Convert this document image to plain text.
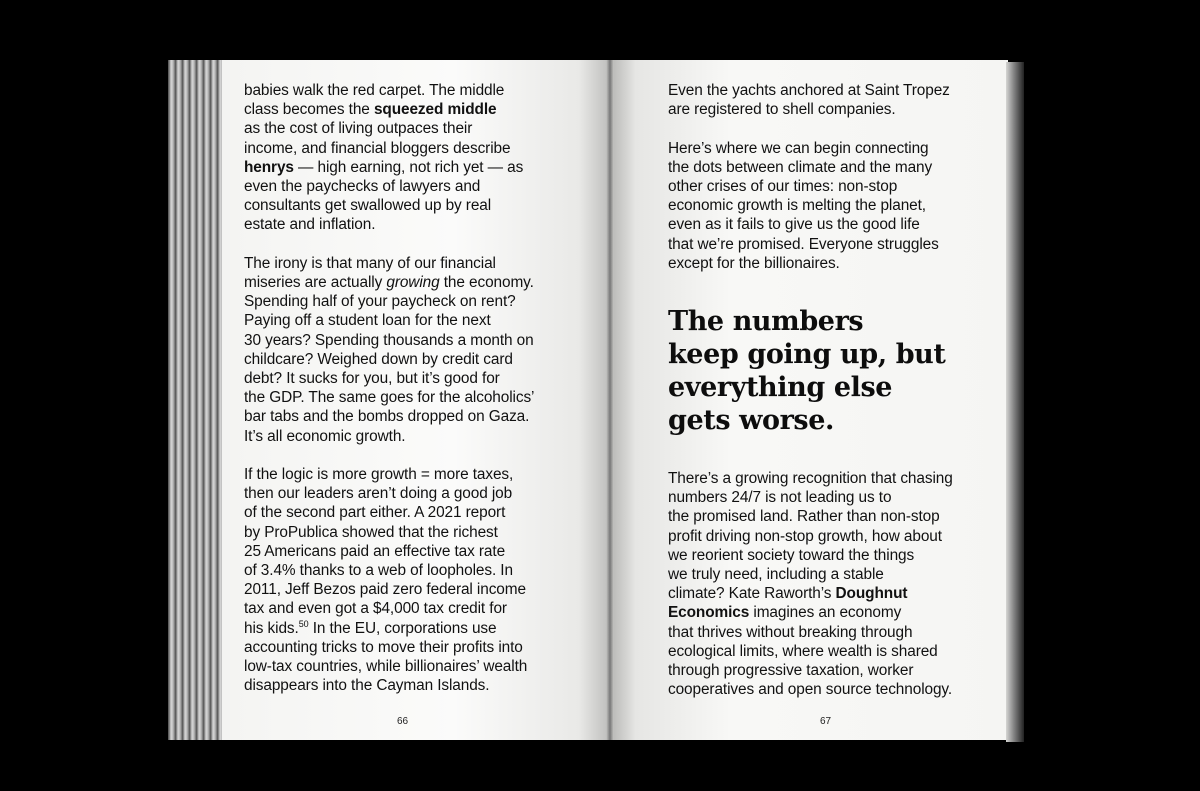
babies walk the red carpet. The middle
class becomes the squeezed middle
as the cost of living outpaces their
income, and financial bloggers describe
henrys — high earning, not rich yet — as
even the paychecks of lawyers and
consultants get swallowed up by real
estate and inflation.

The irony is that many of our financial
miseries are actually growing the economy.
Spending half of your paycheck on rent?
Paying off a student loan for the next
30 years? Spending thousands a month on
childcare? Weighed down by credit card
debt? It sucks for you, but it’s good for
the GDP. The same goes for the alcoholics’
bar tabs and the bombs dropped on Gaza.
It’s all economic growth.

If the logic is more growth = more taxes,
then our leaders aren’t doing a good job
of the second part either. A 2021 report
by ProPublica showed that the richest
25 Americans paid an effective tax rate
of 3.4% thanks to a web of loopholes. In
2011, Jeff Bezos paid zero federal income
tax and even got a $4,000 tax credit for
his kids.$^{50}$ In the EU, corporations use
accounting tricks to move their profits into
low-tax countries, while billionaires’ wealth
disappears into the Cayman Islands.

Even the yachts anchored at Saint Tropez
are registered to shell companies.

Here’s where we can begin connecting
the dots between climate and the many
other crises of our times: non-stop
economic growth is melting the planet,
even as it fails to give us the good life
that we’re promised. Everyone struggles
except for the billionaires.

The numbers
keep going up, but
everything else
gets worse.

There’s a growing recognition that chasing
numbers 24/7 is not leading us to
the promised land. Rather than non-stop
profit driving non-stop growth, how about
we reorient society toward the things
we truly need, including a stable
climate? Kate Raworth’s Doughnut
Economics imagines an economy
that thrives without breaking through
ecological limits, where wealth is shared
through progressive taxation, worker
cooperatives and open source technology.

66	67
